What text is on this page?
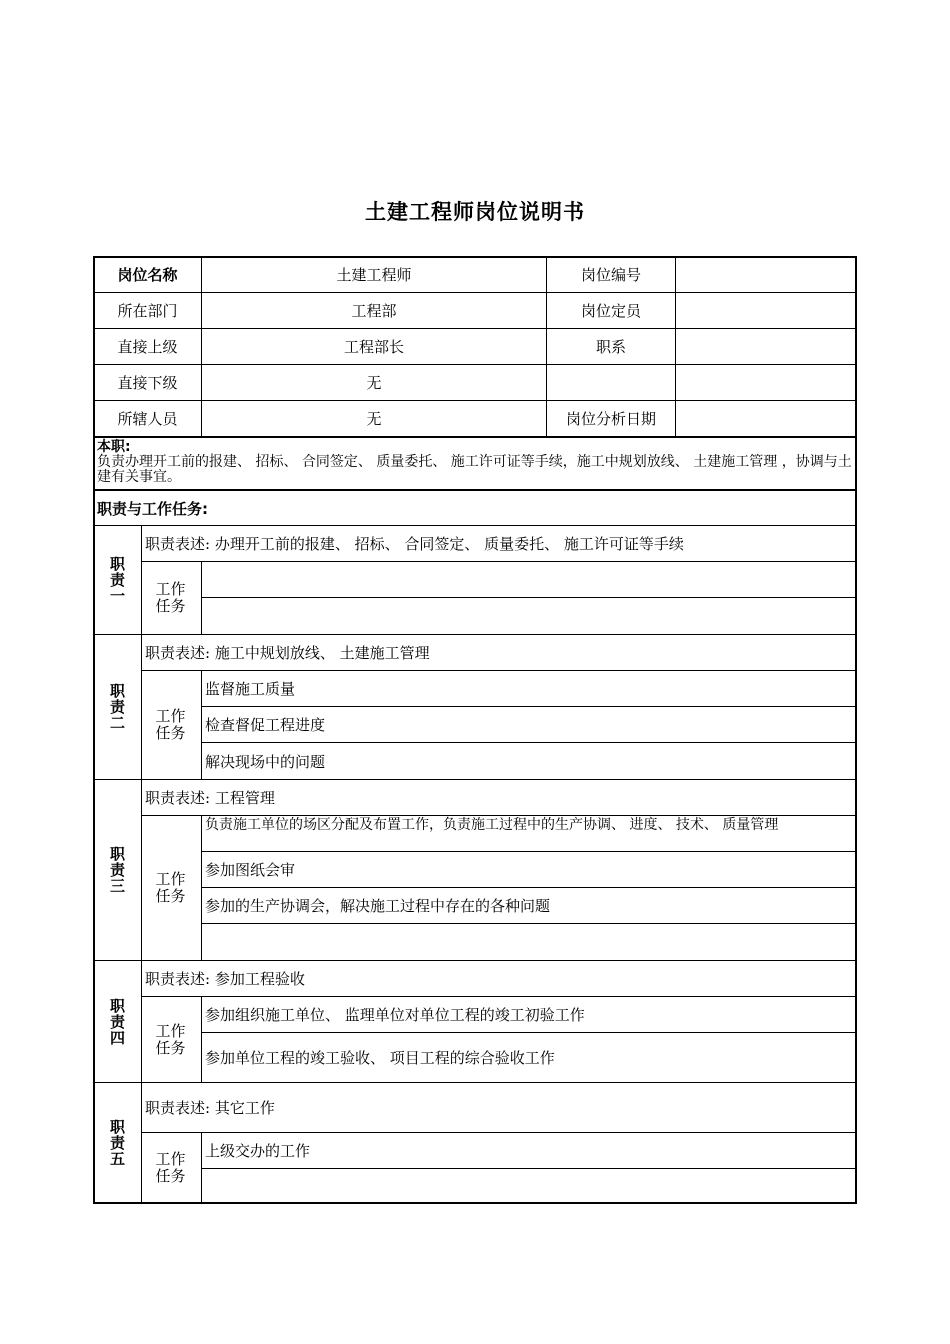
土建工程师岗位说明书
岗位名称	土建工程师	岗位编号
所在部门	工程部	岗位定员
直接上级	工程部长	职系
直接下级	无
所辖人员	无	岗位分析日期
本职:
负责办理开工前的报建、 招标、 合同签定、 质量委托、 施工许可证等手续，施工中规划放线、 土建施工管理 ，协调与土建有关事宜。
职责与工作任务:
职责一
职责表述: 办理开工前的报建、 招标、 合同签定、 质量委托、 施工许可证等手续
工作任务
职责二
职责表述: 施工中规划放线、 土建施工管理
工作任务
监督施工质量
检查督促工程进度
解决现场中的问题
职责三
职责表述: 工程管理
工作任务
负责施工单位的场区分配及布置工作，负责施工过程中的生产协调、 进度、 技术、 质量管理
参加图纸会审
参加的生产协调会，解决施工过程中存在的各种问题
职责四
职责表述: 参加工程验收
工作任务
参加组织施工单位、 监理单位对单位工程的竣工初验工作
参加单位工程的竣工验收、 项目工程的综合验收工作
职责五
职责表述: 其它工作
工作任务
上级交办的工作
